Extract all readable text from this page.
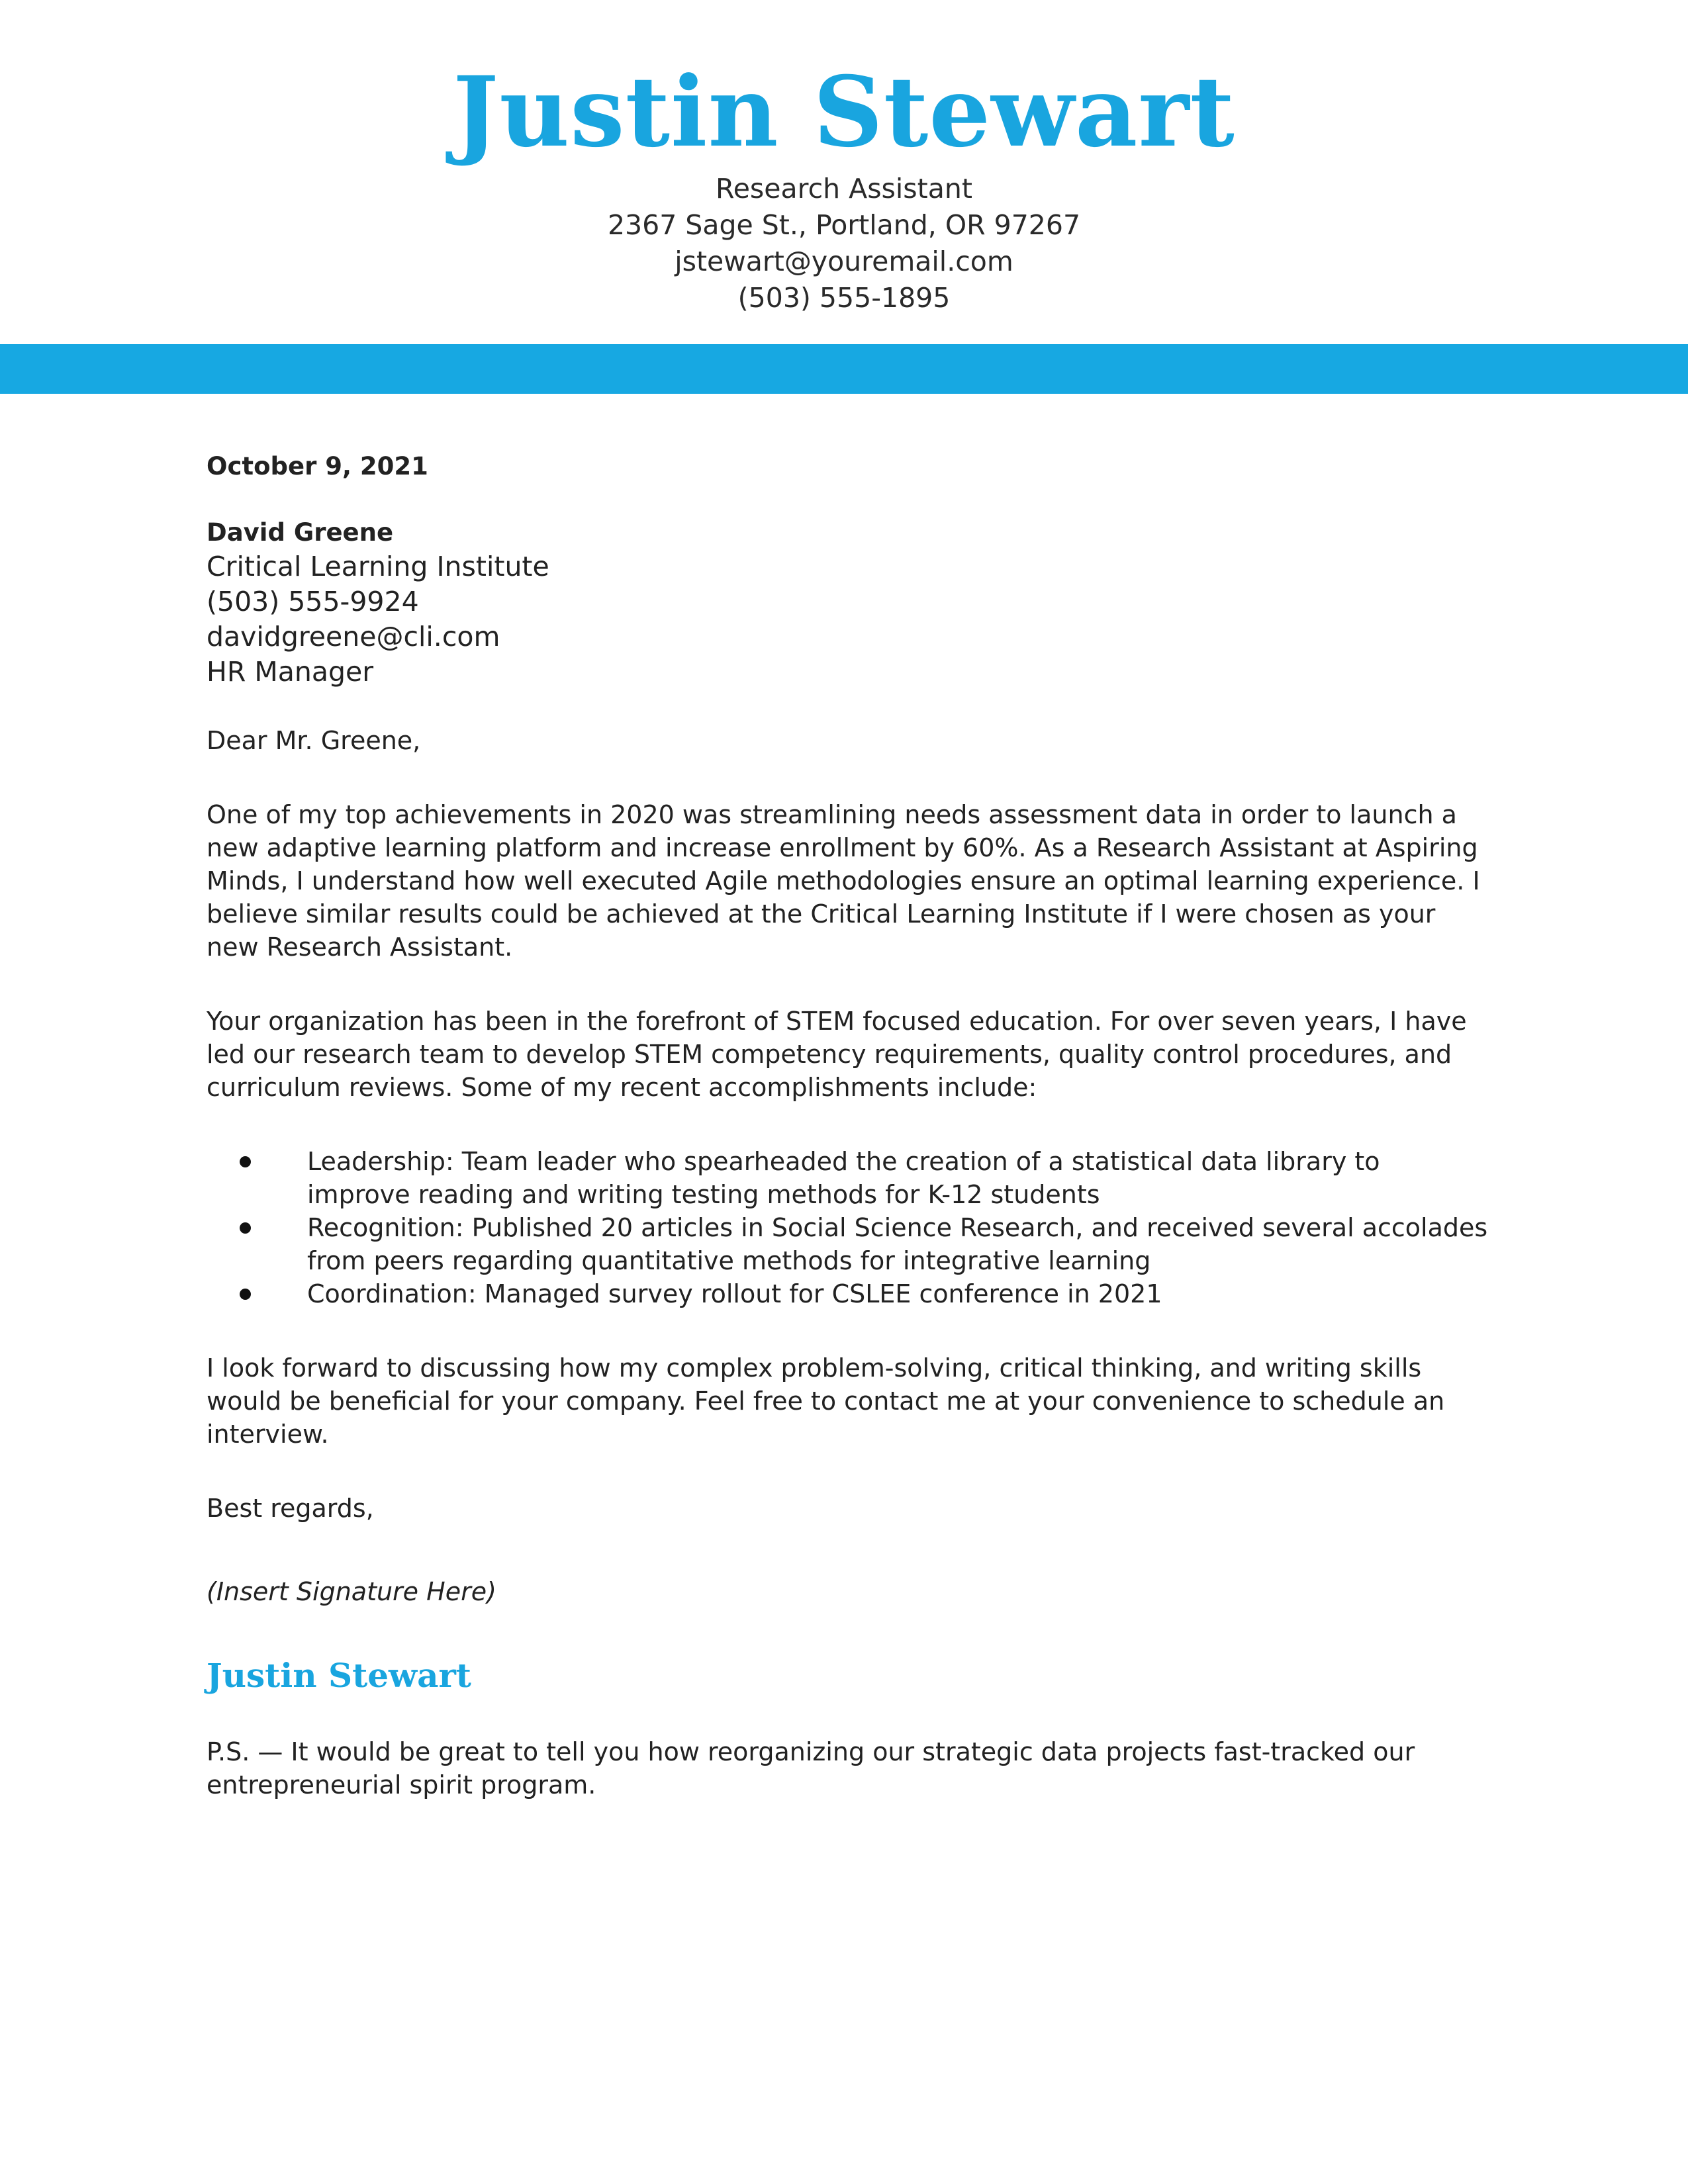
Justin Stewart
Research Assistant
2367 Sage St., Portland, OR 97267
jstewart@youremail.com
(503) 555-1895
October 9, 2021
David Greene
Critical Learning Institute
(503) 555-9924
davidgreene@cli.com
HR Manager
Dear Mr. Greene,

One of my top achievements in 2020 was streamlining needs assessment data in order to launch a new adaptive learning platform and increase enrollment by 60%. As a Research Assistant at Aspiring Minds, I understand how well executed Agile methodologies ensure an optimal learning experience. I believe similar results could be achieved at the Critical Learning Institute if I were chosen as your new Research Assistant.

Your organization has been in the forefront of STEM focused education. For over seven years, I have led our research team to develop STEM competency requirements, quality control procedures, and curriculum reviews. Some of my recent accomplishments include:

Leadership: Team leader who spearheaded the creation of a statistical data library to improve reading and writing testing methods for K-12 students
Recognition: Published 20 articles in Social Science Research, and received several accolades from peers regarding quantitative methods for integrative learning
Coordination: Managed survey rollout for CSLEE conference in 2021

I look forward to discussing how my complex problem-solving, critical thinking, and writing skills would be beneficial for your company. Feel free to contact me at your convenience to schedule an interview.

Best regards,
(Insert Signature Here)
Justin Stewart
P.S. — It would be great to tell you how reorganizing our strategic data projects fast-tracked our entrepreneurial spirit program.
